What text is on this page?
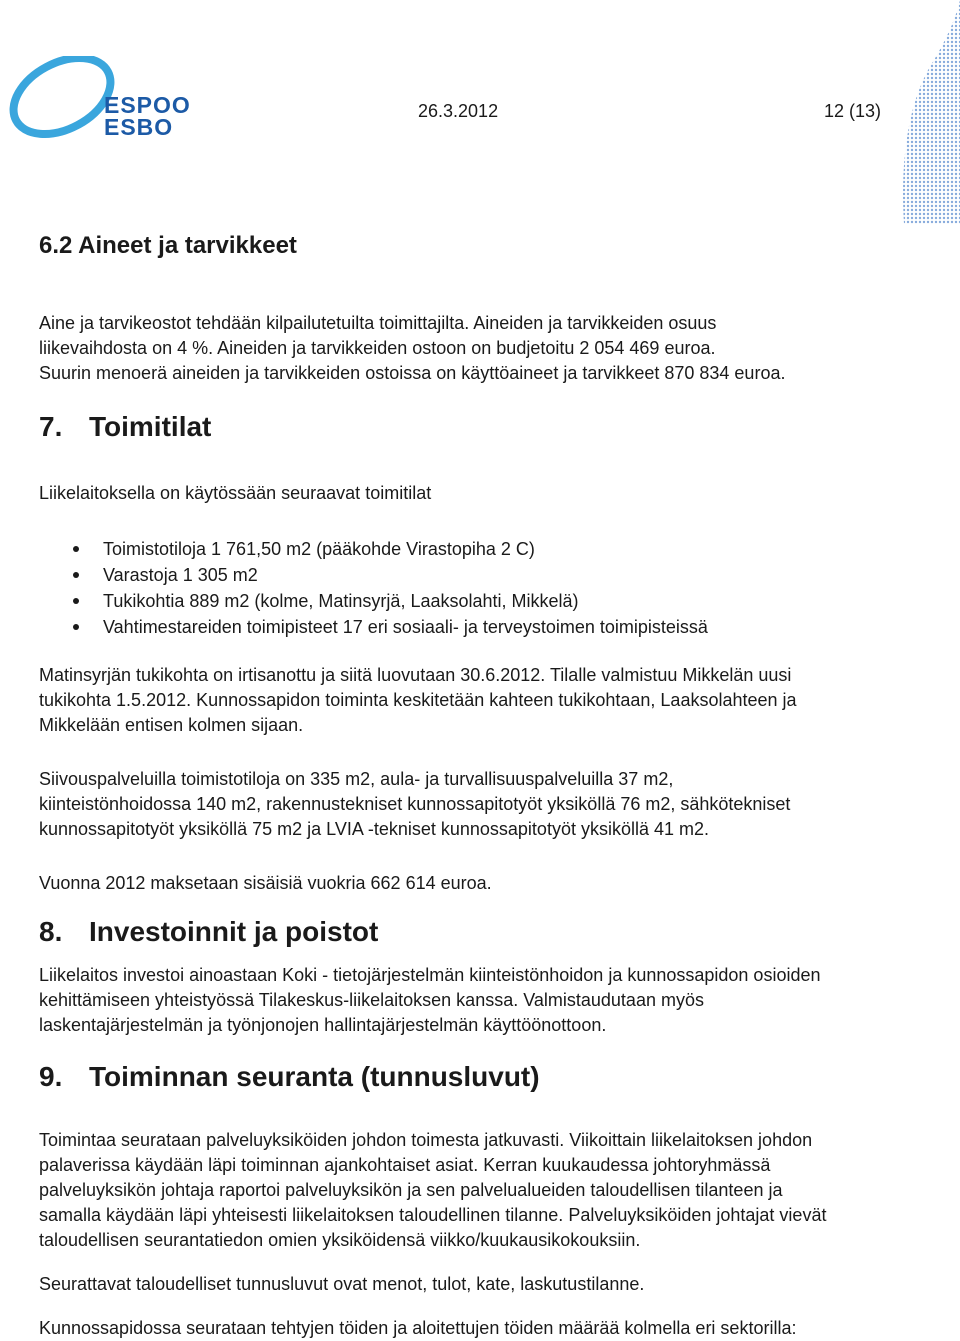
ESPOO
ESBO
26.3.2012	12 (13)
6.2 Aineet ja tarvikkeet

Aine ja tarvikeostot tehdään kilpailutetuilta toimittajilta. Aineiden ja tarvikkeiden osuus
liikevaihdosta on 4 %. Aineiden ja tarvikkeiden ostoon on budjetoitu 2 054 469 euroa.
Suurin menoerä aineiden ja tarvikkeiden ostoissa on käyttöaineet ja tarvikkeet 870 834 euroa.

7. Toimitilat

Liikelaitoksella on käytössään seuraavat toimitilat

Toimistotiloja 1 761,50 m2 (pääkohde Virastopiha 2 C)
Varastoja 1 305 m2
Tukikohtia 889 m2 (kolme, Matinsyrjä, Laaksolahti, Mikkelä)
Vahtimestareiden toimipisteet 17 eri sosiaali- ja terveystoimen toimipisteissä

Matinsyrjän tukikohta on irtisanottu ja siitä luovutaan 30.6.2012. Tilalle valmistuu Mikkelän uusi
tukikohta 1.5.2012. Kunnossapidon toiminta keskitetään kahteen tukikohtaan, Laaksolahteen ja
Mikkelään entisen kolmen sijaan.

Siivouspalveluilla toimistotiloja on 335 m2, aula- ja turvallisuuspalveluilla 37 m2,
kiinteistönhoidossa 140 m2, rakennustekniset kunnossapitotyöt yksiköllä 76 m2, sähkötekniset
kunnossapitotyöt yksiköllä 75 m2 ja LVIA -tekniset kunnossapitotyöt yksiköllä 41 m2.

Vuonna 2012 maksetaan sisäisiä vuokria 662 614 euroa.

8. Investoinnit ja poistot

Liikelaitos investoi ainoastaan Koki - tietojärjestelmän kiinteistönhoidon ja kunnossapidon osioiden
kehittämiseen yhteistyössä Tilakeskus-liikelaitoksen kanssa. Valmistaudutaan myös
laskentajärjestelmän ja työnjonojen hallintajärjestelmän käyttöönottoon.

9. Toiminnan seuranta (tunnusluvut)

Toimintaa seurataan palveluyksiköiden johdon toimesta jatkuvasti. Viikoittain liikelaitoksen johdon
palaverissa käydään läpi toiminnan ajankohtaiset asiat. Kerran kuukaudessa johtoryhmässä
palveluyksikön johtaja raportoi palveluyksikön ja sen palvelualueiden taloudellisen tilanteen ja
samalla käydään läpi yhteisesti liikelaitoksen taloudellinen tilanne. Palveluyksiköiden johtajat vievät
taloudellisen seurantatiedon omien yksiköidensä viikko/kuukausikokouksiin.

Seurattavat taloudelliset tunnusluvut ovat menot, tulot, kate, laskutustilanne.

Kunnossapidossa seurataan tehtyjen töiden ja aloitettujen töiden määrää kolmella eri sektorilla:
